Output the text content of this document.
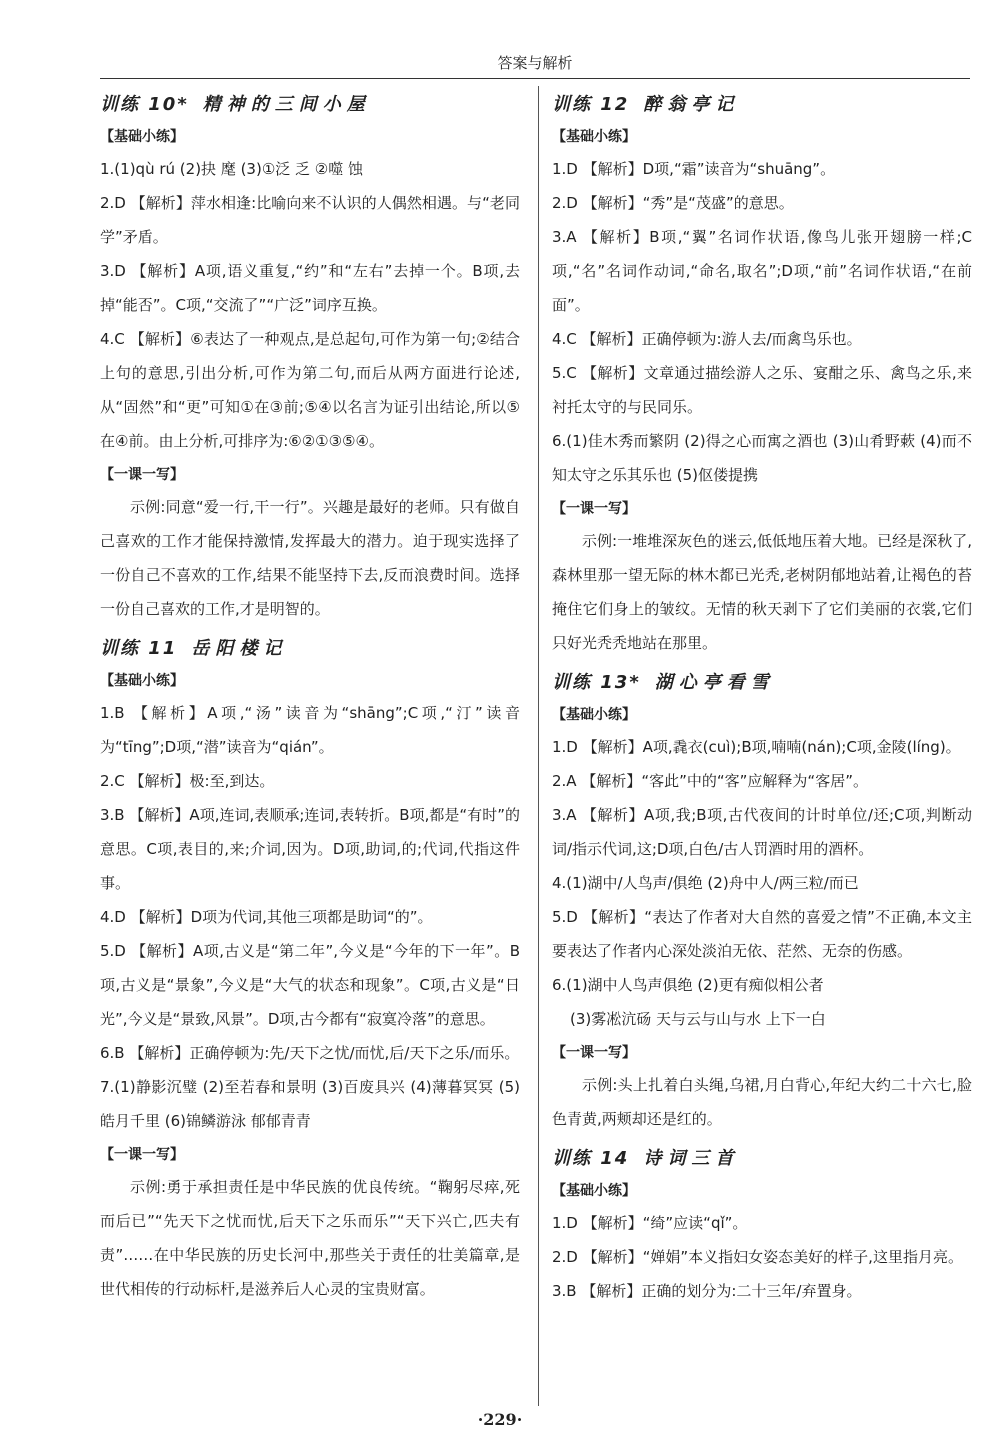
答案与解析
训练 10* 精神的三间小屋
【基础小练】

1.(1)qù rú (2)抉 麾 (3)①泛 乏 ②噬 蚀

2.D 【解析】萍水相逢:比喻向来不认识的人偶然相遇。与“老同学”矛盾。

3.D 【解析】A项,语义重复,“约”和“左右”去掉一个。B项,去掉“能否”。C项,“交流了”“广泛”词序互换。

4.C 【解析】⑥表达了一种观点,是总起句,可作为第一句;②结合上句的意思,引出分析,可作为第二句,而后从两方面进行论述,从“固然”和“更”可知①在③前;⑤④以名言为证引出结论,所以⑤在④前。由上分析,可排序为:⑥②①③⑤④。

【一课一写】

示例:同意“爱一行,干一行”。兴趣是最好的老师。只有做自己喜欢的工作才能保持激情,发挥最大的潜力。迫于现实选择了一份自己不喜欢的工作,结果不能坚持下去,反而浪费时间。选择一份自己喜欢的工作,才是明智的。

训练 11 岳阳楼记
【基础小练】

1.B 【解析】A项,“汤”读音为“shāng”;C项,“汀”读音为“tīng”;D项,“潜”读音为“qián”。

2.C 【解析】极:至,到达。

3.B 【解析】A项,连词,表顺承;连词,表转折。B项,都是“有时”的意思。C项,表目的,来;介词,因为。D项,助词,的;代词,代指这件事。

4.D 【解析】D项为代词,其他三项都是助词“的”。

5.D 【解析】A项,古义是“第二年”,今义是“今年的下一年”。B项,古义是“景象”,今义是“大气的状态和现象”。C项,古义是“日光”,今义是“景致,风景”。D项,古今都有“寂寞冷落”的意思。

6.B 【解析】正确停顿为:先/天下之忧/而忧,后/天下之乐/而乐。

7.(1)静影沉璧 (2)至若春和景明 (3)百废具兴 (4)薄暮冥冥 (5)皓月千里 (6)锦鳞游泳 郁郁青青

【一课一写】

示例:勇于承担责任是中华民族的优良传统。“鞠躬尽瘁,死而后已”“先天下之忧而忧,后天下之乐而乐”“天下兴亡,匹夫有责”……在中华民族的历史长河中,那些关于责任的壮美篇章,是世代相传的行动标杆,是滋养后人心灵的宝贵财富。

训练 12 醉翁亭记
【基础小练】

1.D 【解析】D项,“霜”读音为“shuāng”。

2.D 【解析】“秀”是“茂盛”的意思。

3.A 【解析】B项,“翼”名词作状语,像鸟儿张开翅膀一样;C项,“名”名词作动词,“命名,取名”;D项,“前”名词作状语,“在前面”。

4.C 【解析】正确停顿为:游人去/而禽鸟乐也。

5.C 【解析】文章通过描绘游人之乐、宴酣之乐、禽鸟之乐,来衬托太守的与民同乐。

6.(1)佳木秀而繁阴 (2)得之心而寓之酒也 (3)山肴野蔌 (4)而不知太守之乐其乐也 (5)伛偻提携

【一课一写】

示例:一堆堆深灰色的迷云,低低地压着大地。已经是深秋了,森林里那一望无际的林木都已光秃,老树阴郁地站着,让褐色的苔掩住它们身上的皱纹。无情的秋天剥下了它们美丽的衣裳,它们只好光秃秃地站在那里。

训练 13* 湖心亭看雪
【基础小练】

1.D 【解析】A项,毳衣(cuì);B项,喃喃(nán);C项,金陵(líng)。

2.A 【解析】“客此”中的“客”应解释为“客居”。

3.A 【解析】A项,我;B项,古代夜间的计时单位/还;C项,判断动词/指示代词,这;D项,白色/古人罚酒时用的酒杯。

4.(1)湖中/人鸟声/俱绝 (2)舟中人/两三粒/而已

5.D 【解析】“表达了作者对大自然的喜爱之情”不正确,本文主要表达了作者内心深处淡泊无依、茫然、无奈的伤感。

6.(1)湖中人鸟声俱绝 (2)更有痴似相公者

(3)雾凇沆砀 天与云与山与水 上下一白

【一课一写】

示例:头上扎着白头绳,乌裙,月白背心,年纪大约二十六七,脸色青黄,两颊却还是红的。

训练 14 诗词三首
【基础小练】

1.D 【解析】“绮”应读“qǐ”。

2.D 【解析】“婵娟”本义指妇女姿态美好的样子,这里指月亮。

3.B 【解析】正确的划分为:二十三年/弃置身。

·229·
